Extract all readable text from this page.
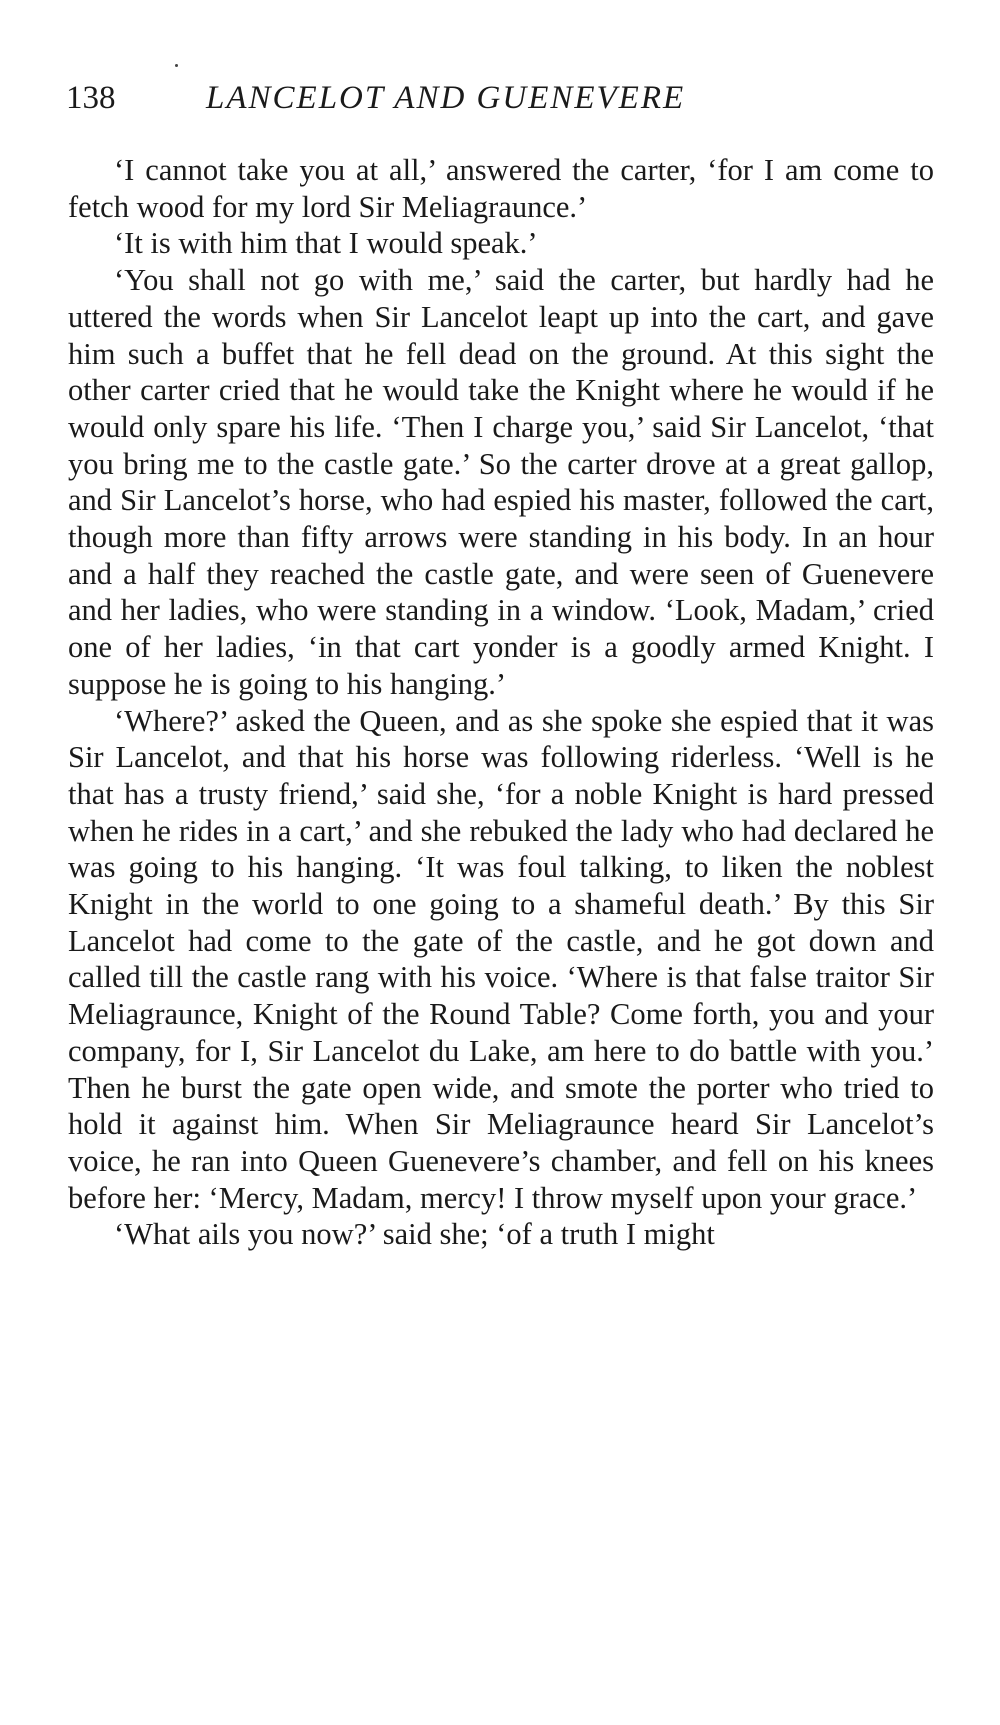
138	LANCELOT AND GUENEVERE

‘I cannot take you at all,’ answered the carter, ‘for I am come to fetch wood for my lord Sir Meliagraunce.’

‘It is with him that I would speak.’

‘You shall not go with me,’ said the carter, but hardly had he uttered the words when Sir Lancelot leapt up into the cart, and gave him such a buffet that he fell dead on the ground. At this sight the other carter cried that he would take the Knight where he would if he would only spare his life. ‘Then I charge you,’ said Sir Lancelot, ‘that you bring me to the castle gate.’ So the carter drove at a great gallop, and Sir Lancelot’s horse, who had espied his master, followed the cart, though more than fifty arrows were standing in his body. In an hour and a half they reached the castle gate, and were seen of Guenevere and her ladies, who were standing in a window. ‘Look, Madam,’ cried one of her ladies, ‘in that cart yonder is a goodly armed Knight. I suppose he is going to his hanging.’

‘Where?’ asked the Queen, and as she spoke she espied that it was Sir Lancelot, and that his horse was following riderless. ‘Well is he that has a trusty friend,’ said she, ‘for a noble Knight is hard pressed when he rides in a cart,’ and she rebuked the lady who had declared he was going to his hanging. ‘It was foul talking, to liken the noblest Knight in the world to one going to a shameful death.’ By this Sir Lancelot had come to the gate of the castle, and he got down and called till the castle rang with his voice. ‘Where is that false traitor Sir Meliagraunce, Knight of the Round Table? Come forth, you and your company, for I, Sir Lancelot du Lake, am here to do battle with you.’ Then he burst the gate open wide, and smote the porter who tried to hold it against him. When Sir Meliagraunce heard Sir Lancelot’s voice, he ran into Queen Guenevere’s chamber, and fell on his knees before her: ‘Mercy, Madam, mercy! I throw myself upon your grace.’

‘What ails you now?’ said she; ‘of a truth I might
